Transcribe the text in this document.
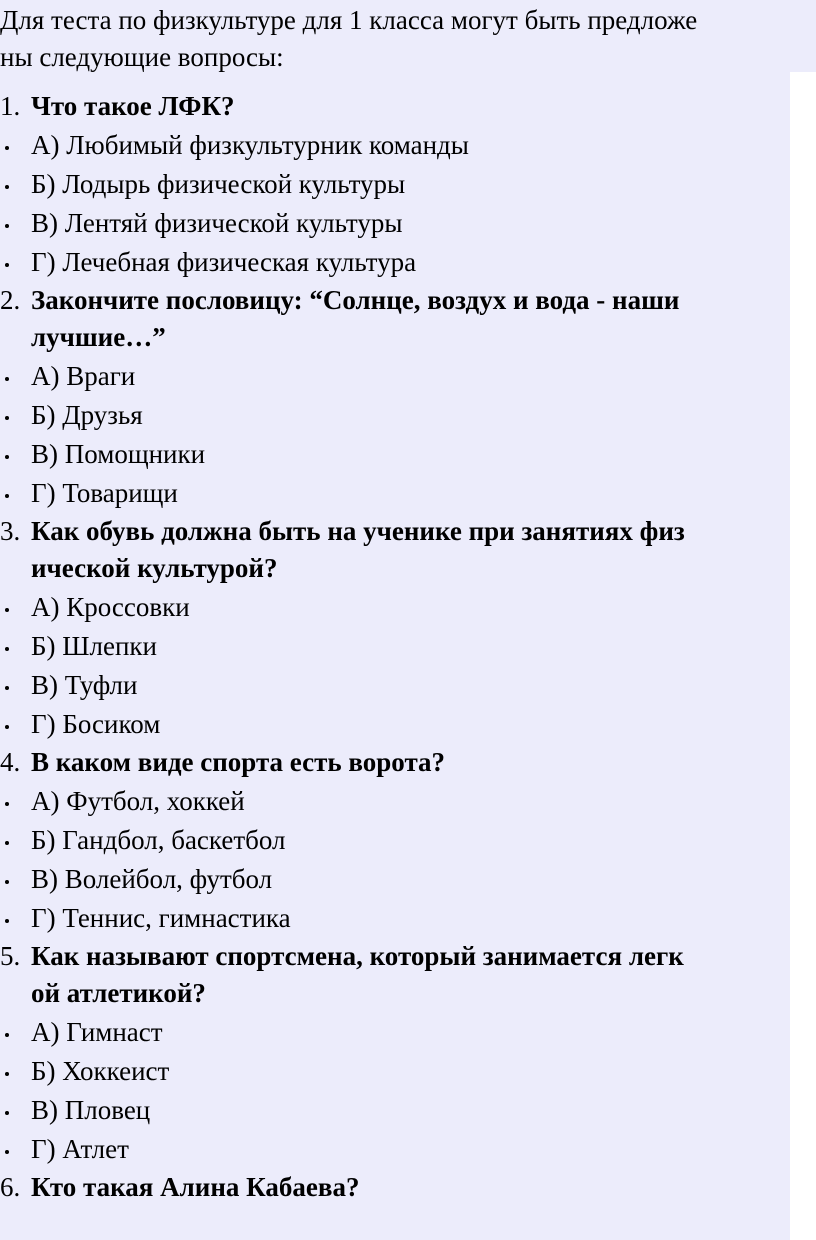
Для теста по физкультуре для 1 класса могут быть предложе
ны следующие вопросы:
1. Что такое ЛФК?
А) Любимый физкультурник команды
Б) Лодырь физической культуры
В) Лентяй физической культуры
Г) Лечебная физическая культура
2. Закончите пословицу: “Солнце, воздух и вода - наши
лучшие…”
А) Враги
Б) Друзья
В) Помощники
Г) Товарищи
3. Как обувь должна быть на ученике при занятиях физ
ической культурой?
А) Кроссовки
Б) Шлепки
В) Туфли
Г) Босиком
4. В каком виде спорта есть ворота?
А) Футбол, хоккей
Б) Гандбол, баскетбол
В) Волейбол, футбол
Г) Теннис, гимнастика
5. Как называют спортсмена, который занимается легк
ой атлетикой?
А) Гимнаст
Б) Хоккеист
В) Пловец
Г) Атлет
6. Кто такая Алина Кабаева?
